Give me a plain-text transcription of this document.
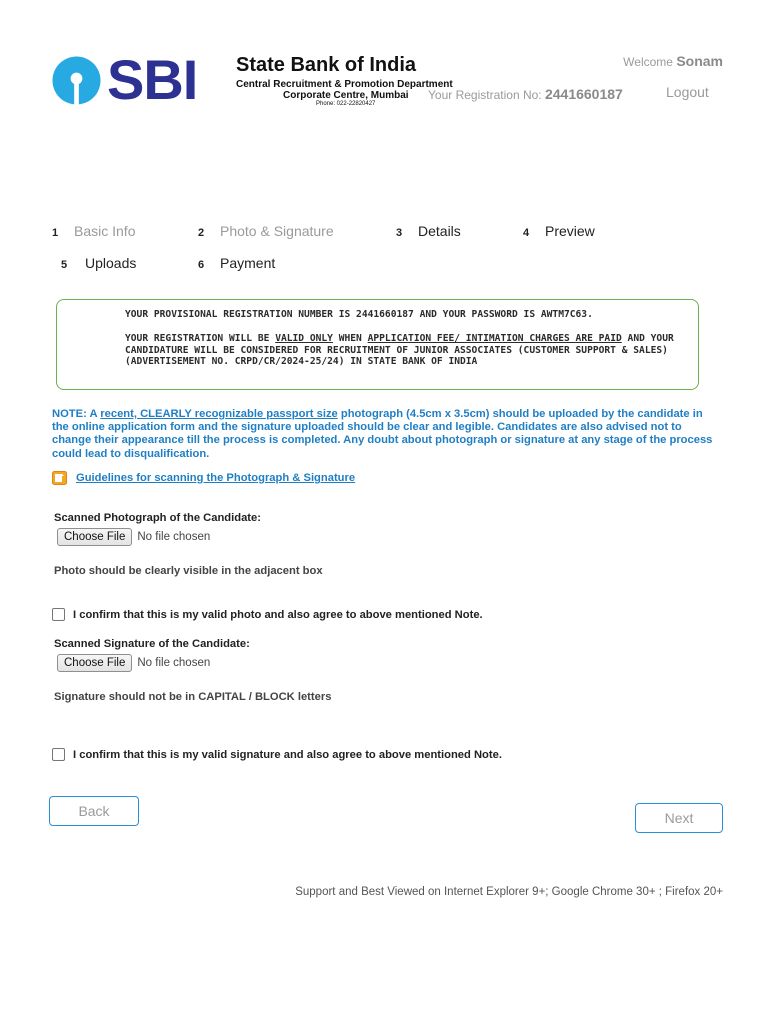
SBI State Bank of India
Central Recruitment & Promotion Department
Corporate Centre, Mumbai
Phone: 022-22820427
Welcome Sonam
Your Registration No: 2441660187	Logout
1 Basic Info	2 Photo & Signature	3 Details	4 Preview
5 Uploads	6 Payment

YOUR PROVISIONAL REGISTRATION NUMBER IS 2441660187 AND YOUR PASSWORD IS AWTM7C63.

YOUR REGISTRATION WILL BE VALID ONLY WHEN APPLICATION FEE/ INTIMATION CHARGES ARE PAID AND YOUR CANDIDATURE WILL BE CONSIDERED FOR RECRUITMENT OF JUNIOR ASSOCIATES (CUSTOMER SUPPORT & SALES) (ADVERTISEMENT NO. CRPD/CR/2024-25/24) IN STATE BANK OF INDIA

NOTE: A recent, CLEARLY recognizable passport size photograph (4.5cm x 3.5cm) should be uploaded by the candidate in the online application form and the signature uploaded should be clear and legible. Candidates are also advised not to change their appearance till the process is completed. Any doubt about photograph or signature at any stage of the process could lead to disqualification.
Guidelines for scanning the Photograph & Signature
Scanned Photograph of the Candidate:
Choose File	No file chosen
Photo should be clearly visible in the adjacent box
I confirm that this is my valid photo and also agree to above mentioned Note.
Scanned Signature of the Candidate:
Choose File	No file chosen
Signature should not be in CAPITAL / BLOCK letters
I confirm that this is my valid signature and also agree to above mentioned Note.
Back	Next
Support and Best Viewed on Internet Explorer 9+; Google Chrome 30+ ; Firefox 20+
